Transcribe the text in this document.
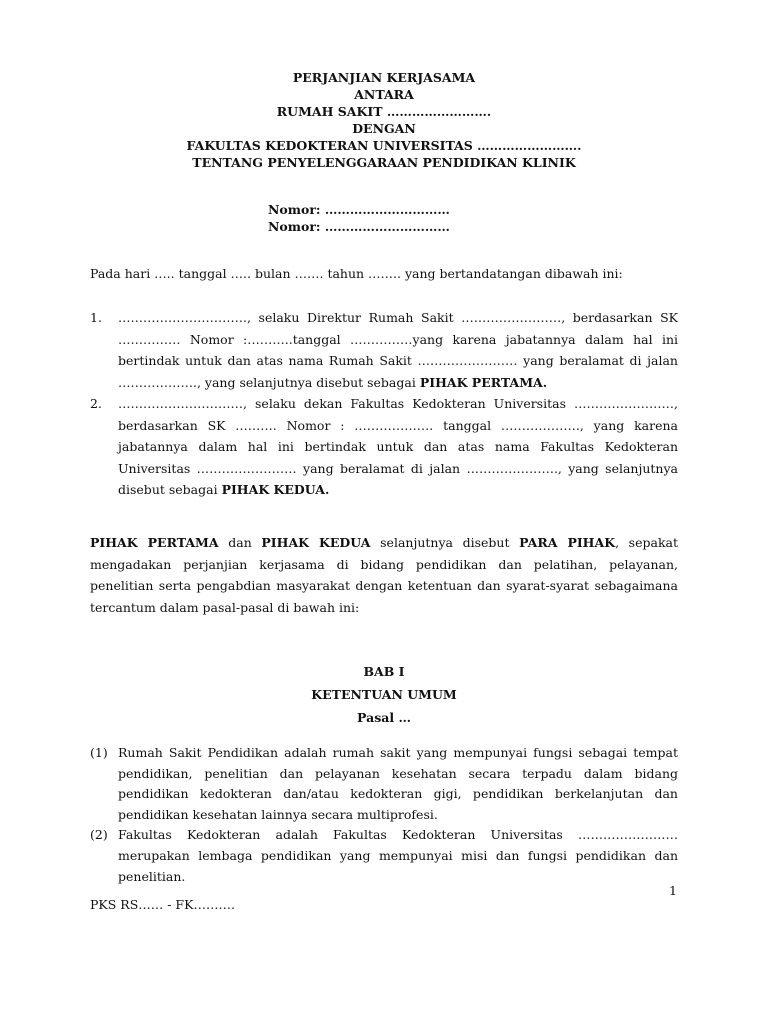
PERJANJIAN KERJASAMA
ANTARA
RUMAH SAKIT …………………….
DENGAN
FAKULTAS KEDOKTERAN UNIVERSITAS …………………….
TENTANG PENYELENGGARAAN PENDIDIKAN KLINIK
Nomor: …………………………
Nomor: …………………………
Pada hari ….. tanggal ….. bulan ……. tahun …….. yang bertandatangan dibawah ini:
1.	…………………………., selaku Direktur Rumah Sakit ……………………, berdasarkan SK …………… Nomor :………..tanggal ……………yang karena jabatannya dalam hal ini bertindak untuk dan atas nama Rumah Sakit …………………… yang beralamat di jalan ………………., yang selanjutnya disebut sebagai PIHAK PERTAMA.
2.	…………………………, selaku dekan Fakultas Kedokteran Universitas ……………………, berdasarkan SK ………. Nomor : ………………. tanggal ………………., yang karena jabatannya dalam hal ini bertindak untuk dan atas nama Fakultas Kedokteran Universitas …………………… yang beralamat di jalan …………………., yang selanjutnya disebut sebagai PIHAK KEDUA.
PIHAK PERTAMA dan PIHAK KEDUA selanjutnya disebut PARA PIHAK, sepakat mengadakan perjanjian kerjasama di bidang pendidikan dan pelatihan, pelayanan, penelitian serta pengabdian masyarakat dengan ketentuan dan syarat-syarat sebagaimana tercantum dalam pasal-pasal di bawah ini:
BAB I
KETENTUAN UMUM
Pasal …
(1) Rumah Sakit Pendidikan adalah rumah sakit yang mempunyai fungsi sebagai tempat pendidikan, penelitian dan pelayanan kesehatan secara terpadu dalam bidang pendidikan kedokteran dan/atau kedokteran gigi, pendidikan berkelanjutan dan pendidikan kesehatan lainnya secara multiprofesi.
(2) Fakultas Kedokteran adalah Fakultas Kedokteran Universitas …………………… merupakan lembaga pendidikan yang mempunyai misi dan fungsi pendidikan dan penelitian.
1
PKS RS…… - FK……….
